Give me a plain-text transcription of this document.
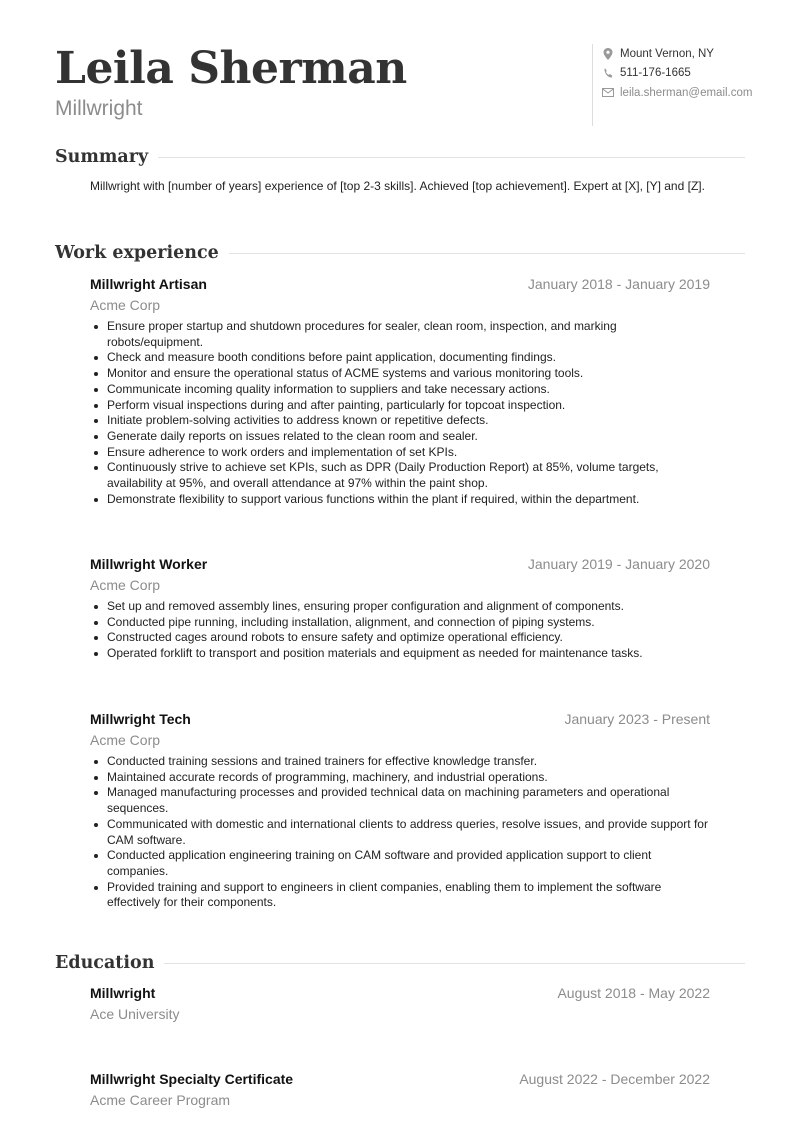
Leila Sherman
Millwright
Mount Vernon, NY
511-176-1665
leila.sherman@email.com
Summary
Millwright with [number of years] experience of [top 2-3 skills]. Achieved [top achievement]. Expert at [X], [Y] and [Z].
Work experience
Millwright Artisan	January 2018 - January 2019
Acme Corp
Ensure proper startup and shutdown procedures for sealer, clean room, inspection, and marking robots/equipment.
Check and measure booth conditions before paint application, documenting findings.
Monitor and ensure the operational status of ACME systems and various monitoring tools.
Communicate incoming quality information to suppliers and take necessary actions.
Perform visual inspections during and after painting, particularly for topcoat inspection.
Initiate problem-solving activities to address known or repetitive defects.
Generate daily reports on issues related to the clean room and sealer.
Ensure adherence to work orders and implementation of set KPIs.
Continuously strive to achieve set KPIs, such as DPR (Daily Production Report) at 85%, volume targets, availability at 95%, and overall attendance at 97% within the paint shop.
Demonstrate flexibility to support various functions within the plant if required, within the department.
Millwright Worker	January 2019 - January 2020
Acme Corp
Set up and removed assembly lines, ensuring proper configuration and alignment of components.
Conducted pipe running, including installation, alignment, and connection of piping systems.
Constructed cages around robots to ensure safety and optimize operational efficiency.
Operated forklift to transport and position materials and equipment as needed for maintenance tasks.
Millwright Tech	January 2023 - Present
Acme Corp
Conducted training sessions and trained trainers for effective knowledge transfer.
Maintained accurate records of programming, machinery, and industrial operations.
Managed manufacturing processes and provided technical data on machining parameters and operational sequences.
Communicated with domestic and international clients to address queries, resolve issues, and provide support for CAM software.
Conducted application engineering training on CAM software and provided application support to client companies.
Provided training and support to engineers in client companies, enabling them to implement the software effectively for their components.
Education
Millwright	August 2018 - May 2022
Ace University
Millwright Specialty Certificate	August 2022 - December 2022
Acme Career Program
